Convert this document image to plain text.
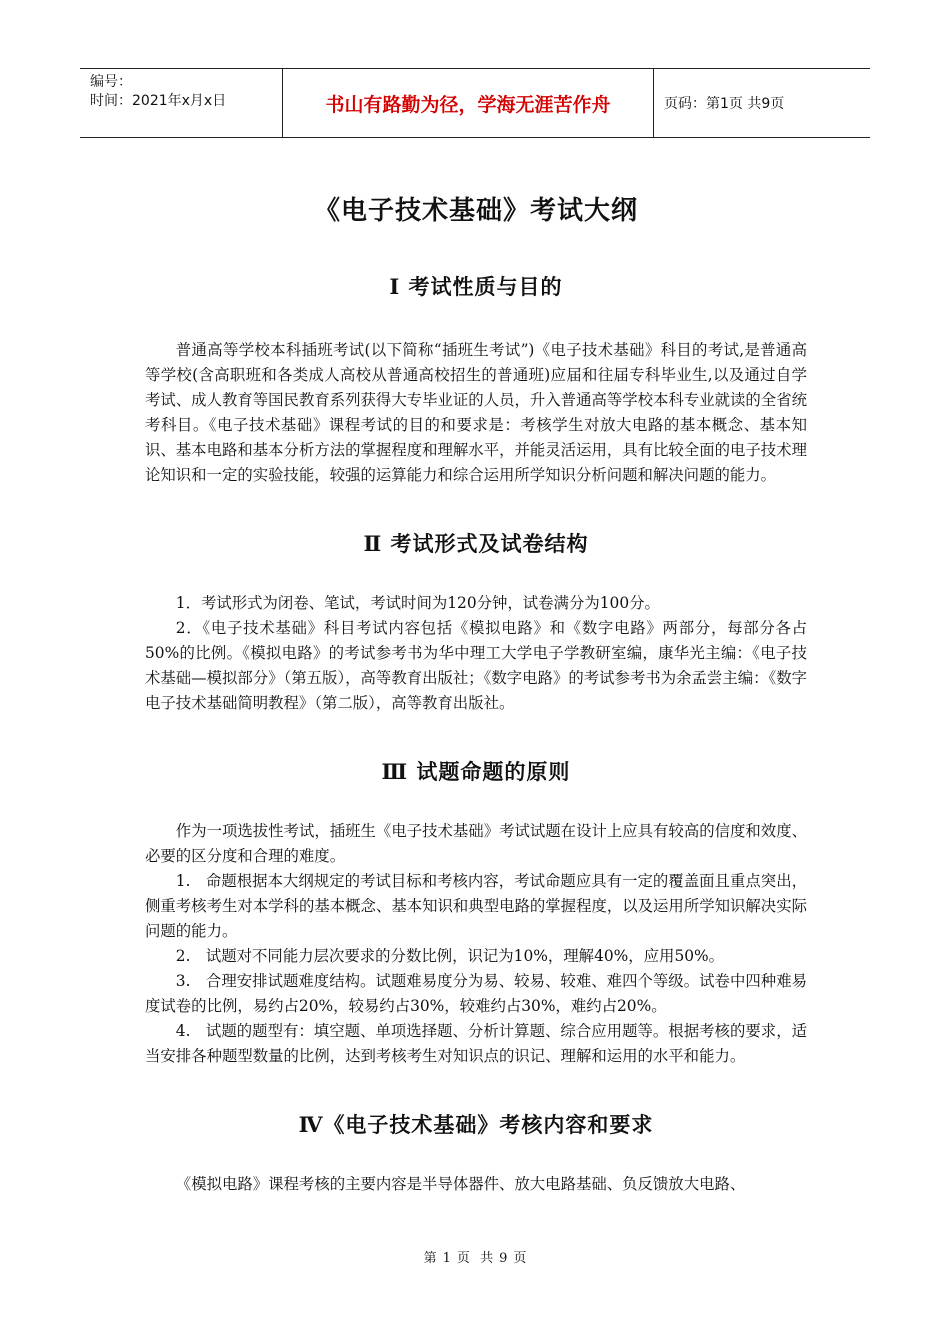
编号：
时间：2021年x月x日	书山有路勤为径，学海无涯苦作舟	页码：第1页 共9页
《电子技术基础》考试大纲
Ⅰ 考试性质与目的

普通高等学校本科插班考试(以下简称“插班生考试”)《电子技术基础》科目的考试,是普通高等学校(含高职班和各类成人高校从普通高校招生的普通班)应届和往届专科毕业生,以及通过自学考试、成人教育等国民教育系列获得大专毕业证的人员，升入普通高等学校本科专业就读的全省统考科目。《电子技术基础》课程考试的目的和要求是：考核学生对放大电路的基本概念、基本知识、基本电路和基本分析方法的掌握程度和理解水平，并能灵活运用，具有比较全面的电子技术理论知识和一定的实验技能，较强的运算能力和综合运用所学知识分析问题和解决问题的能力。

Ⅱ 考试形式及试卷结构

1．考试形式为闭卷、笔试，考试时间为120分钟，试卷满分为100分。

2．《电子技术基础》科目考试内容包括《模拟电路》和《数字电路》两部分，每部分各占50%的比例。《模拟电路》的考试参考书为华中理工大学电子学教研室编，康华光主编：《电子技术基础—模拟部分》（第五版），高等教育出版社；《数字电路》的考试参考书为余孟尝主编：《数字电子技术基础简明教程》（第二版），高等教育出版社。

Ⅲ 试题命题的原则

作为一项选拔性考试，插班生《电子技术基础》考试试题在设计上应具有较高的信度和效度、必要的区分度和合理的难度。

1.　命题根据本大纲规定的考试目标和考核内容，考试命题应具有一定的覆盖面且重点突出，侧重考核考生对本学科的基本概念、基本知识和典型电路的掌握程度，以及运用所学知识解决实际问题的能力。

2.　试题对不同能力层次要求的分数比例，识记为10%，理解40%，应用50%。

3.　合理安排试题难度结构。试题难易度分为易、较易、较难、难四个等级。试卷中四种难易度试卷的比例，易约占20%，较易约占30%，较难约占30%，难约占20%。

4.　试题的题型有：填空题、单项选择题、分析计算题、综合应用题等。根据考核的要求，适当安排各种题型数量的比例，达到考核考生对知识点的识记、理解和运用的水平和能力。

Ⅳ《电子技术基础》考核内容和要求

《模拟电路》课程考核的主要内容是半导体器件、放大电路基础、负反馈放大电路、

第 1 页 共 9 页
